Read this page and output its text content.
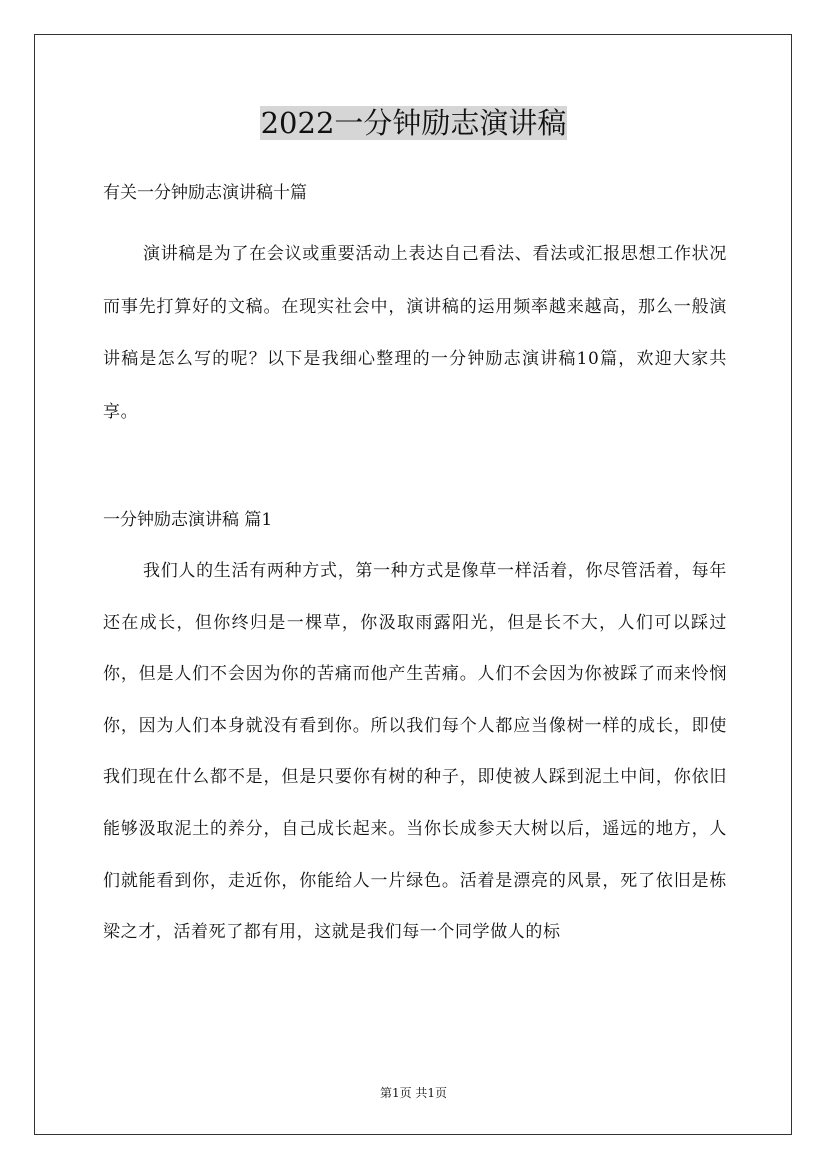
2022一分钟励志演讲稿

有关一分钟励志演讲稿十篇

演讲稿是为了在会议或重要活动上表达自己看法、看法或汇报思想工作状况而事先打算好的文稿。在现实社会中，演讲稿的运用频率越来越高，那么一般演讲稿是怎么写的呢？以下是我细心整理的一分钟励志演讲稿10篇，欢迎大家共享。

一分钟励志演讲稿 篇1

我们人的生活有两种方式，第一种方式是像草一样活着，你尽管活着，每年还在成长，但你终归是一棵草，你汲取雨露阳光，但是长不大，人们可以踩过你，但是人们不会因为你的苦痛而他产生苦痛。人们不会因为你被踩了而来怜悯你，因为人们本身就没有看到你。所以我们每个人都应当像树一样的成长，即使我们现在什么都不是，但是只要你有树的种子，即使被人踩到泥土中间，你依旧能够汲取泥土的养分，自己成长起来。当你长成参天大树以后，遥远的地方，人们就能看到你，走近你，你能给人一片绿色。活着是漂亮的风景，死了依旧是栋梁之才，活着死了都有用，这就是我们每一个同学做人的标

第1页 共1页
